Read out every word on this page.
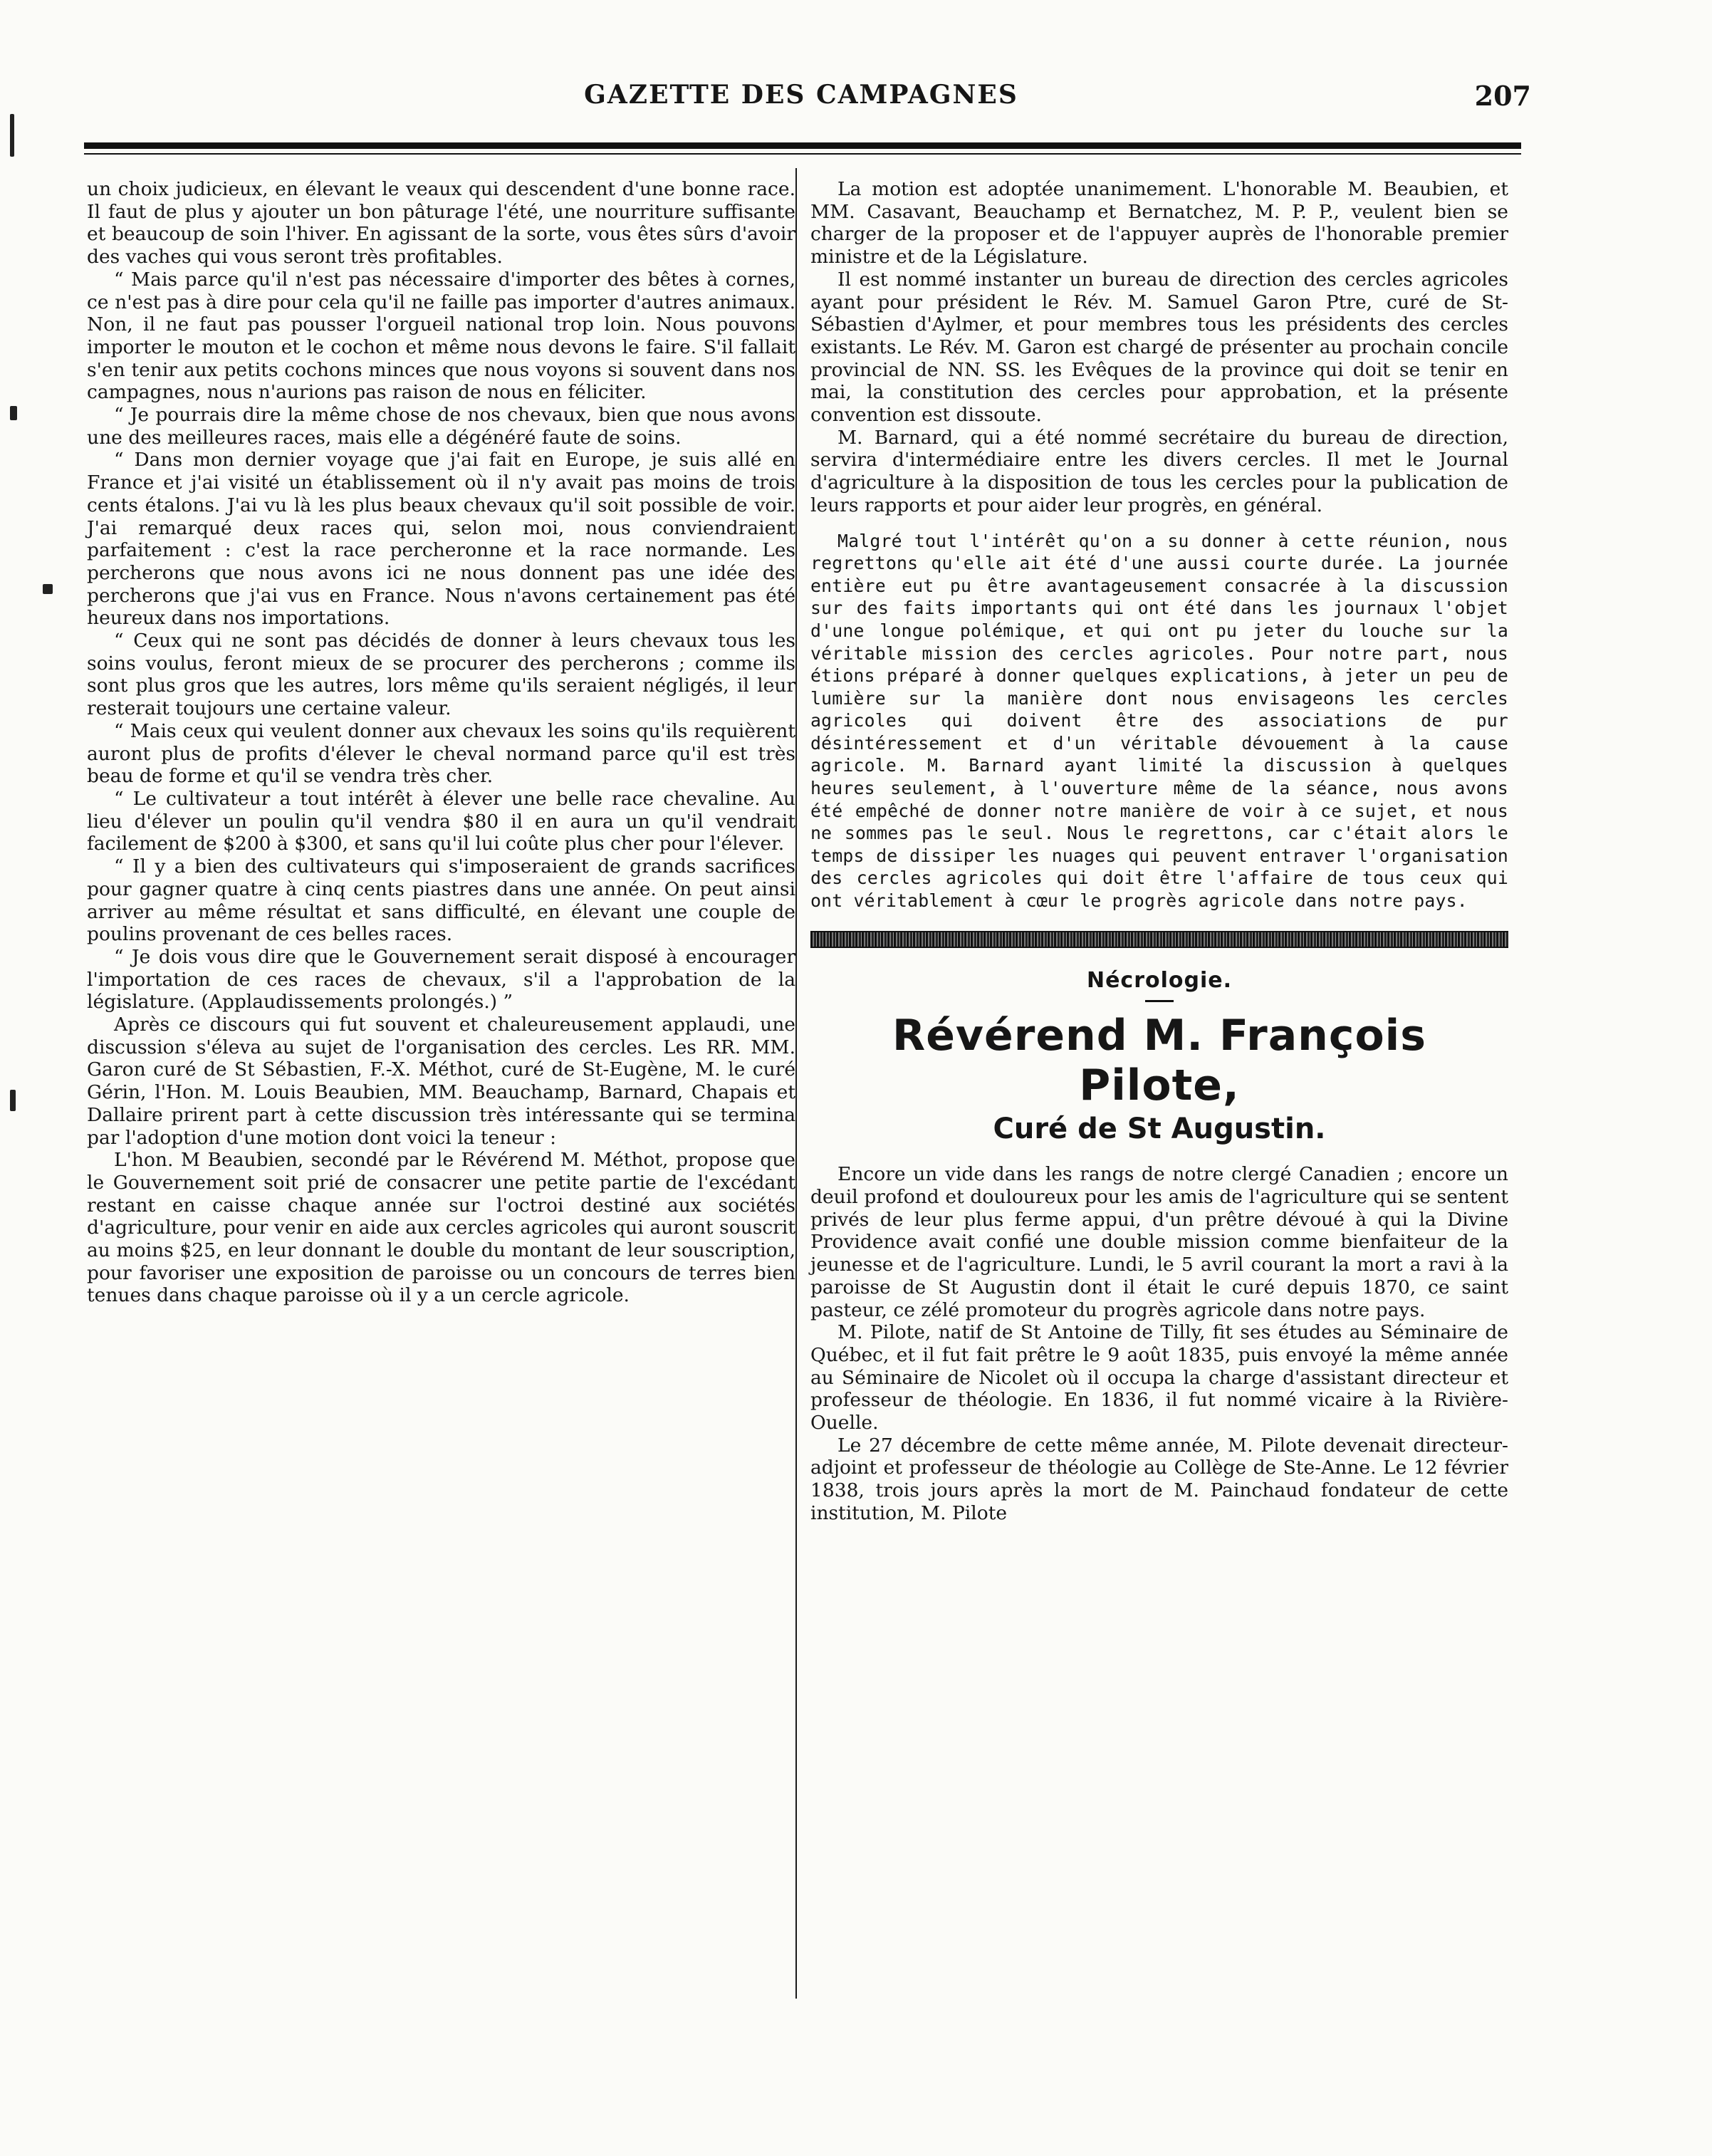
GAZETTE DES CAMPAGNES	207

un choix judicieux, en élevant le veaux qui descendent d'une bonne race. Il faut de plus y ajouter un bon pâturage l'été, une nourriture suffisante et beaucoup de soin l'hiver. En agissant de la sorte, vous êtes sûrs d'avoir des vaches qui vous seront très profitables.

“ Mais parce qu'il n'est pas nécessaire d'importer des bêtes à cornes, ce n'est pas à dire pour cela qu'il ne faille pas importer d'autres animaux. Non, il ne faut pas pousser l'orgueil national trop loin. Nous pouvons importer le mouton et le cochon et même nous devons le faire. S'il fallait s'en tenir aux petits cochons minces que nous voyons si souvent dans nos campagnes, nous n'aurions pas raison de nous en féliciter.

“ Je pourrais dire la même chose de nos chevaux, bien que nous avons une des meilleures races, mais elle a dégénéré faute de soins.

“ Dans mon dernier voyage que j'ai fait en Europe, je suis allé en France et j'ai visité un établissement où il n'y avait pas moins de trois cents étalons. J'ai vu là les plus beaux chevaux qu'il soit possible de voir. J'ai remarqué deux races qui, selon moi, nous conviendraient parfaitement : c'est la race percheronne et la race normande. Les percherons que nous avons ici ne nous donnent pas une idée des percherons que j'ai vus en France. Nous n'avons certainement pas été heureux dans nos importations.

“ Ceux qui ne sont pas décidés de donner à leurs chevaux tous les soins voulus, feront mieux de se procurer des percherons ; comme ils sont plus gros que les autres, lors même qu'ils seraient négligés, il leur resterait toujours une certaine valeur.

“ Mais ceux qui veulent donner aux chevaux les soins qu'ils requièrent auront plus de profits d'élever le cheval normand parce qu'il est très beau de forme et qu'il se vendra très cher.

“ Le cultivateur a tout intérêt à élever une belle race chevaline. Au lieu d'élever un poulin qu'il vendra $80 il en aura un qu'il vendrait facilement de $200 à $300, et sans qu'il lui coûte plus cher pour l'élever.

“ Il y a bien des cultivateurs qui s'imposeraient de grands sacrifices pour gagner quatre à cinq cents piastres dans une année. On peut ainsi arriver au même résultat et sans difficulté, en élevant une couple de poulins provenant de ces belles races.

“ Je dois vous dire que le Gouvernement serait disposé à encourager l'importation de ces races de chevaux, s'il a l'approbation de la législature. (Applaudissements prolongés.) ”

Après ce discours qui fut souvent et chaleureusement applaudi, une discussion s'éleva au sujet de l'organisation des cercles. Les RR. MM. Garon curé de St Sébastien, F.-X. Méthot, curé de St-Eugène, M. le curé Gérin, l'Hon. M. Louis Beaubien, MM. Beauchamp, Barnard, Chapais et Dallaire prirent part à cette discussion très intéressante qui se termina par l'adoption d'une motion dont voici la teneur :

L'hon. M Beaubien, secondé par le Révérend M. Méthot, propose que le Gouvernement soit prié de consacrer une petite partie de l'excédant restant en caisse chaque année sur l'octroi destiné aux sociétés d'agriculture, pour venir en aide aux cercles agricoles qui auront souscrit au moins $25, en leur donnant le double du montant de leur souscription, pour favoriser une exposition de paroisse ou un concours de terres bien tenues dans chaque paroisse où il y a un cercle agricole.

La motion est adoptée unanimement. L'honorable M. Beaubien, et MM. Casavant, Beauchamp et Bernatchez, M. P. P., veulent bien se charger de la proposer et de l'appuyer auprès de l'honorable premier ministre et de la Législature.

Il est nommé instanter un bureau de direction des cercles agricoles ayant pour président le Rév. M. Samuel Garon Ptre, curé de St-Sébastien d'Aylmer, et pour membres tous les présidents des cercles existants. Le Rév. M. Garon est chargé de présenter au prochain concile provincial de NN. SS. les Evêques de la province qui doit se tenir en mai, la constitution des cercles pour approbation, et la présente convention est dissoute.

M. Barnard, qui a été nommé secrétaire du bureau de direction, servira d'intermédiaire entre les divers cercles. Il met le Journal d'agriculture à la disposition de tous les cercles pour la publication de leurs rapports et pour aider leur progrès, en général.

Malgré tout l'intérêt qu'on a su donner à cette réunion, nous regrettons qu'elle ait été d'une aussi courte durée. La journée entière eut pu être avantageusement consacrée à la discussion sur des faits importants qui ont été dans les journaux l'objet d'une longue polémique, et qui ont pu jeter du louche sur la véritable mission des cercles agricoles. Pour notre part, nous étions préparé à donner quelques explications, à jeter un peu de lumière sur la manière dont nous envisageons les cercles agricoles qui doivent être des associations de pur désintéressement et d'un véritable dévouement à la cause agricole. M. Barnard ayant limité la discussion à quelques heures seulement, à l'ouverture même de la séance, nous avons été empêché de donner notre manière de voir à ce sujet, et nous ne sommes pas le seul. Nous le regrettons, car c'était alors le temps de dissiper les nuages qui peuvent entraver l'organisation des cercles agricoles qui doit être l'affaire de tous ceux qui ont véritablement à cœur le progrès agricole dans notre pays.

Nécrologie.
Révérend M. François Pilote,
Curé de St Augustin.

Encore un vide dans les rangs de notre clergé Canadien ; encore un deuil profond et douloureux pour les amis de l'agriculture qui se sentent privés de leur plus ferme appui, d'un prêtre dévoué à qui la Divine Providence avait confié une double mission comme bienfaiteur de la jeunesse et de l'agriculture. Lundi, le 5 avril courant la mort a ravi à la paroisse de St Augustin dont il était le curé depuis 1870, ce saint pasteur, ce zélé promoteur du progrès agricole dans notre pays.

M. Pilote, natif de St Antoine de Tilly, fit ses études au Séminaire de Québec, et il fut fait prêtre le 9 août 1835, puis envoyé la même année au Séminaire de Nicolet où il occupa la charge d'assistant directeur et professeur de théologie. En 1836, il fut nommé vicaire à la Rivière-Ouelle.

Le 27 décembre de cette même année, M. Pilote devenait directeur-adjoint et professeur de théologie au Collège de Ste-Anne. Le 12 février 1838, trois jours après la mort de M. Painchaud fondateur de cette institution, M. Pilote
